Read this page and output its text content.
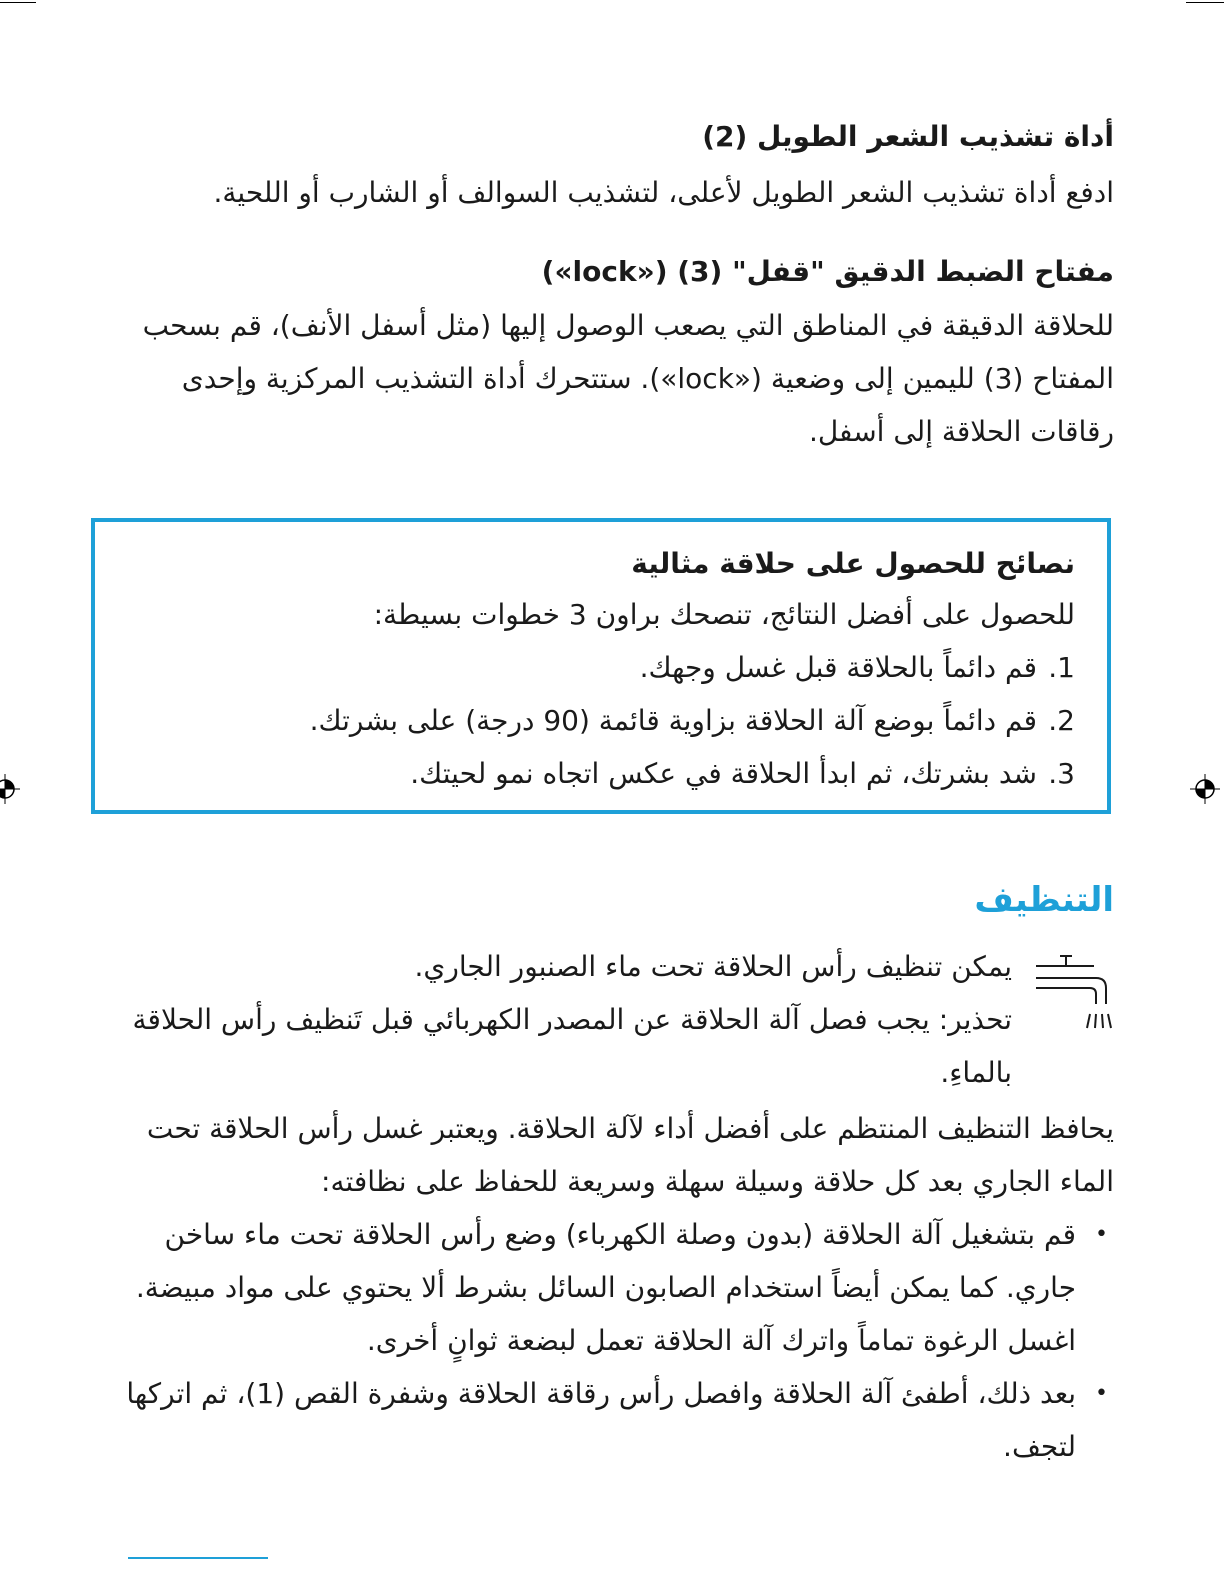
أداة تشذيب الشعر الطويل (2)

ادفع أداة تشذيب الشعر الطويل لأعلى، لتشذيب السوالف أو الشارب أو اللحية.

مفتاح الضبط الدقيق "قفل" (3) («lock»)

للحلاقة الدقيقة في المناطق التي يصعب الوصول إليها (مثل أسفل الأنف)، قم بسحب المفتاح (3) لليمين إلى وضعية («lock»). ستتحرك أداة التشذيب المركزية وإحدى رقاقات الحلاقة إلى أسفل.

نصائح للحصول على حلاقة مثالية

للحصول على أفضل النتائج، تنصحك براون 3 خطوات بسيطة:

1.قم دائماً بالحلاقة قبل غسل وجهك.
2.قم دائماً بوضع آلة الحلاقة بزاوية قائمة (90 درجة) على بشرتك.
3.شد بشرتك، ثم ابدأ الحلاقة في عكس اتجاه نمو لحيتك.
التنظيف

يمكن تنظيف رأس الحلاقة تحت ماء الصنبور الجاري.

تحذير: يجب فصل آلة الحلاقة عن المصدر الكهربائي قبل تَنظيف رأس الحلاقة بالماءِ.

يحافظ التنظيف المنتظم على أفضل أداء لآلة الحلاقة. ويعتبر غسل رأس الحلاقة تحت الماء الجاري بعد كل حلاقة وسيلة سهلة وسريعة للحفاظ على نظافته:

• قم بتشغيل آلة الحلاقة (بدون وصلة الكهرباء) وضع رأس الحلاقة تحت ماء ساخن جاري. كما يمكن أيضاً استخدام الصابون السائل بشرط ألا يحتوي على مواد مبيضة. اغسل الرغوة تماماً واترك آلة الحلاقة تعمل لبضعة ثوانٍ أخرى.
• بعد ذلك، أطفئ آلة الحلاقة وافصل رأس رقاقة الحلاقة وشفرة القص (1)، ثم اتركها لتجف.
